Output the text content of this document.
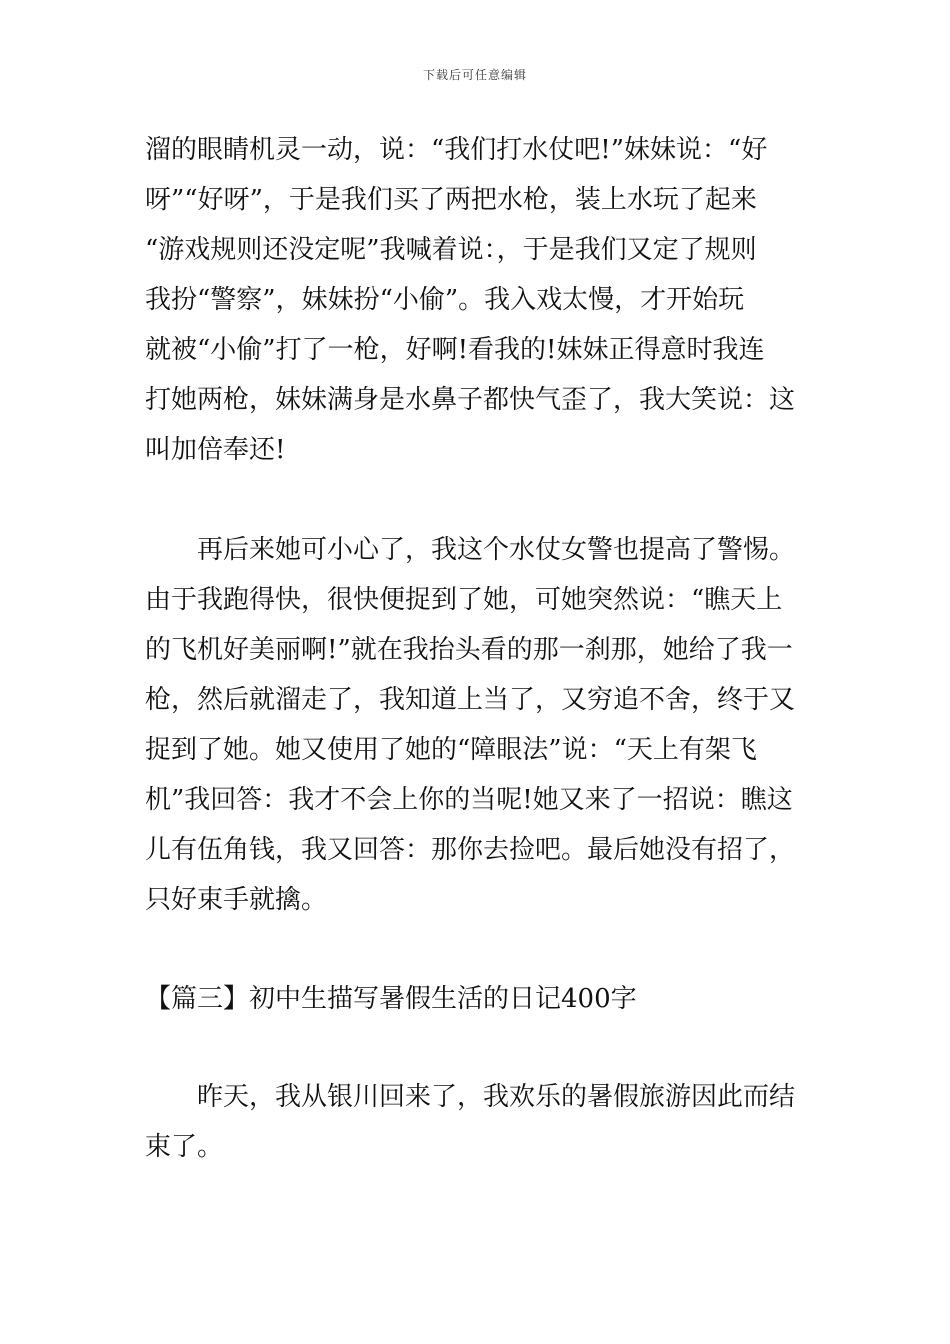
下载后可任意编辑
溜的眼睛机灵一动，说：“我们打水仗吧!”妹妹说：“好
呀”“好呀”，于是我们买了两把水枪，装上水玩了起来
“游戏规则还没定呢”我喊着说：，于是我们又定了规则
我扮“警察”，妹妹扮“小偷”。我入戏太慢，才开始玩
就被“小偷”打了一枪，好啊!看我的!妹妹正得意时我连
打她两枪，妹妹满身是水鼻子都快气歪了，我大笑说：这
叫加倍奉还!
再后来她可小心了，我这个水仗女警也提高了警惕。
由于我跑得快，很快便捉到了她，可她突然说：“瞧天上
的飞机好美丽啊!”就在我抬头看的那一刹那，她给了我一
枪，然后就溜走了，我知道上当了，又穷追不舍，终于又
捉到了她。她又使用了她的“障眼法”说：“天上有架飞
机”我回答：我才不会上你的当呢!她又来了一招说：瞧这
儿有伍角钱，我又回答：那你去捡吧。最后她没有招了，
只好束手就擒。
【篇三】初中生描写暑假生活的日记400字
昨天，我从银川回来了，我欢乐的暑假旅游因此而结
束了。
